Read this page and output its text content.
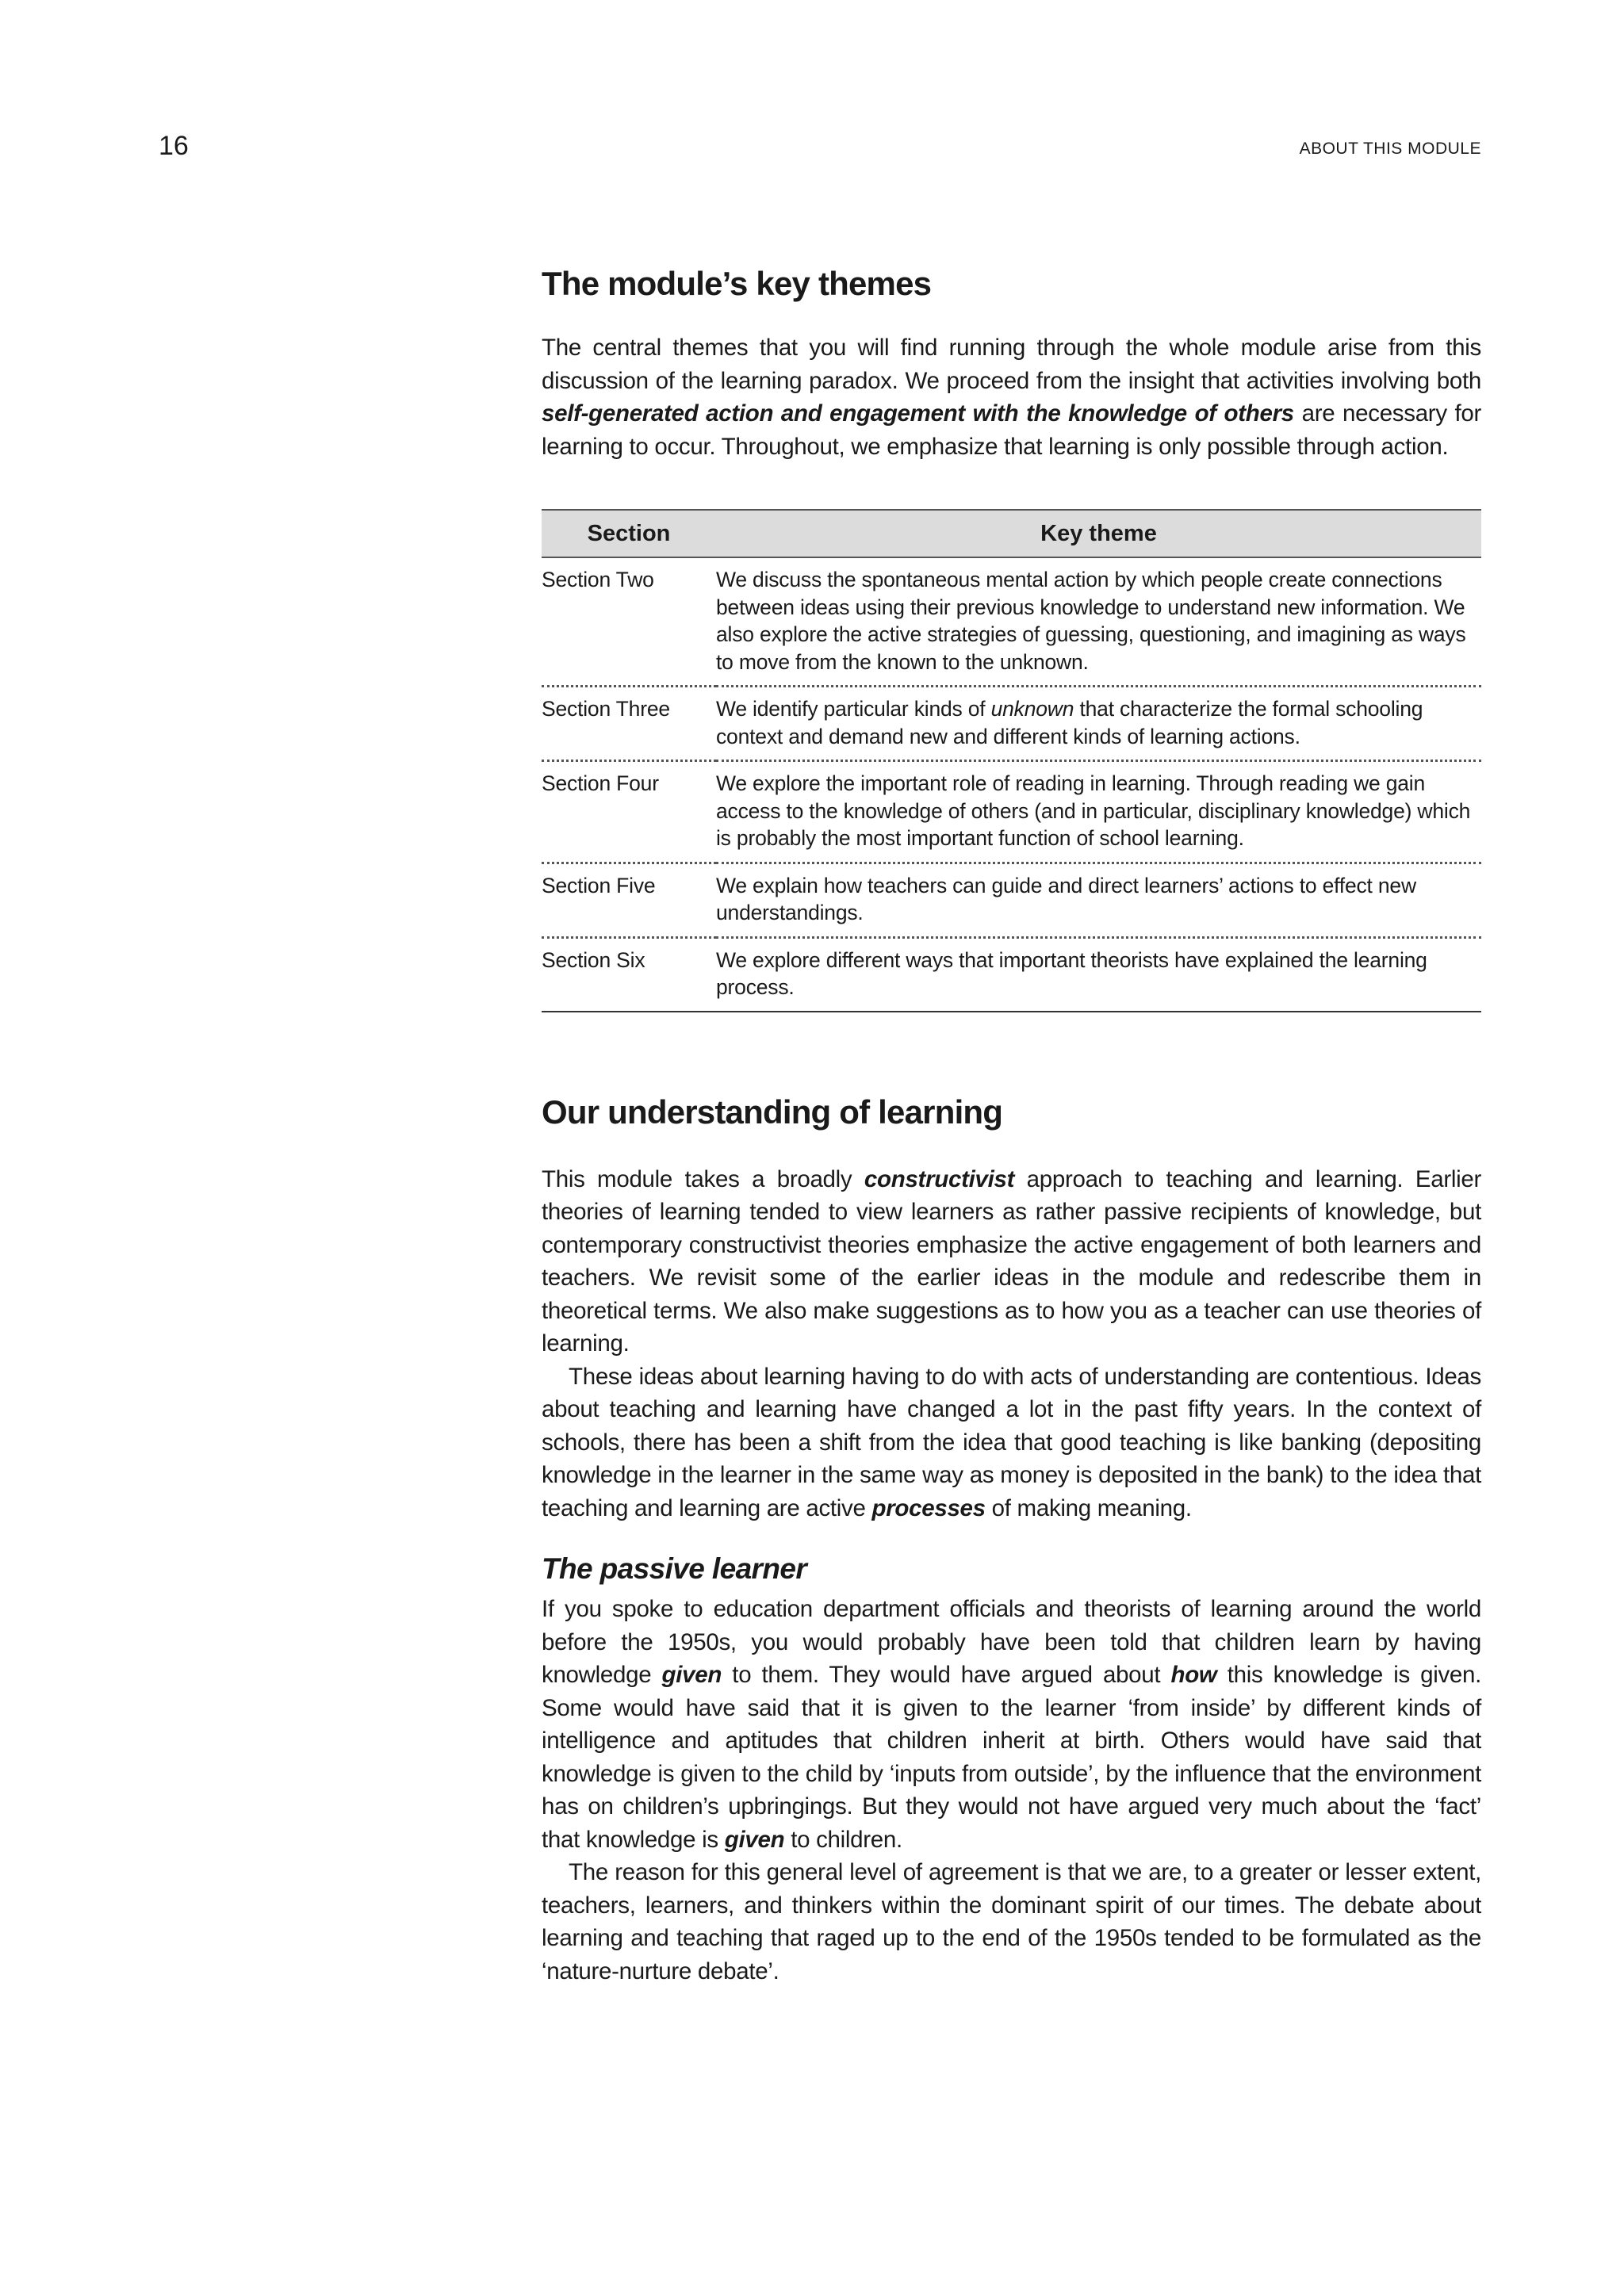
16	ABOUT THIS MODULE
The module’s key themes

The central themes that you will find running through the whole module arise from this discussion of the learning paradox. We proceed from the insight that activities involving both self-generated action and engagement with the knowledge of others are necessary for learning to occur. Throughout, we emphasize that learning is only possible through action.

Section	Key theme
Section Two	We discuss the spontaneous mental action by which people create connections between ideas using their previous knowledge to understand new information. We also explore the active strategies of guessing, questioning, and imagining as ways to move from the known to the unknown.
Section Three	We identify particular kinds of unknown that characterize the formal schooling context and demand new and different kinds of learning actions.
Section Four	We explore the important role of reading in learning. Through reading we gain access to the knowledge of others (and in particular, disciplinary knowledge) which is probably the most important function of school learning.
Section Five	We explain how teachers can guide and direct learners’ actions to effect new understandings.
Section Six	We explore different ways that important theorists have explained the learning process.
Our understanding of learning

This module takes a broadly constructivist approach to teaching and learning. Earlier theories of learning tended to view learners as rather passive recipients of knowledge, but contemporary constructivist theories emphasize the active engagement of both learners and teachers. We revisit some of the earlier ideas in the module and redescribe them in theoretical terms. We also make suggestions as to how you as a teacher can use theories of learning.

These ideas about learning having to do with acts of understanding are contentious. Ideas about teaching and learning have changed a lot in the past fifty years. In the context of schools, there has been a shift from the idea that good teaching is like banking (depositing knowledge in the learner in the same way as money is deposited in the bank) to the idea that teaching and learning are active processes of making meaning.

The passive learner

If you spoke to education department officials and theorists of learning around the world before the 1950s, you would probably have been told that children learn by having knowledge given to them. They would have argued about how this knowledge is given. Some would have said that it is given to the learner ‘from inside’ by different kinds of intelligence and aptitudes that children inherit at birth. Others would have said that knowledge is given to the child by ‘inputs from outside’, by the influence that the environment has on children’s upbringings. But they would not have argued very much about the ‘fact’ that knowledge is given to children.

The reason for this general level of agreement is that we are, to a greater or lesser extent, teachers, learners, and thinkers within the dominant spirit of our times. The debate about learning and teaching that raged up to the end of the 1950s tended to be formulated as the ‘nature-nurture debate’.
